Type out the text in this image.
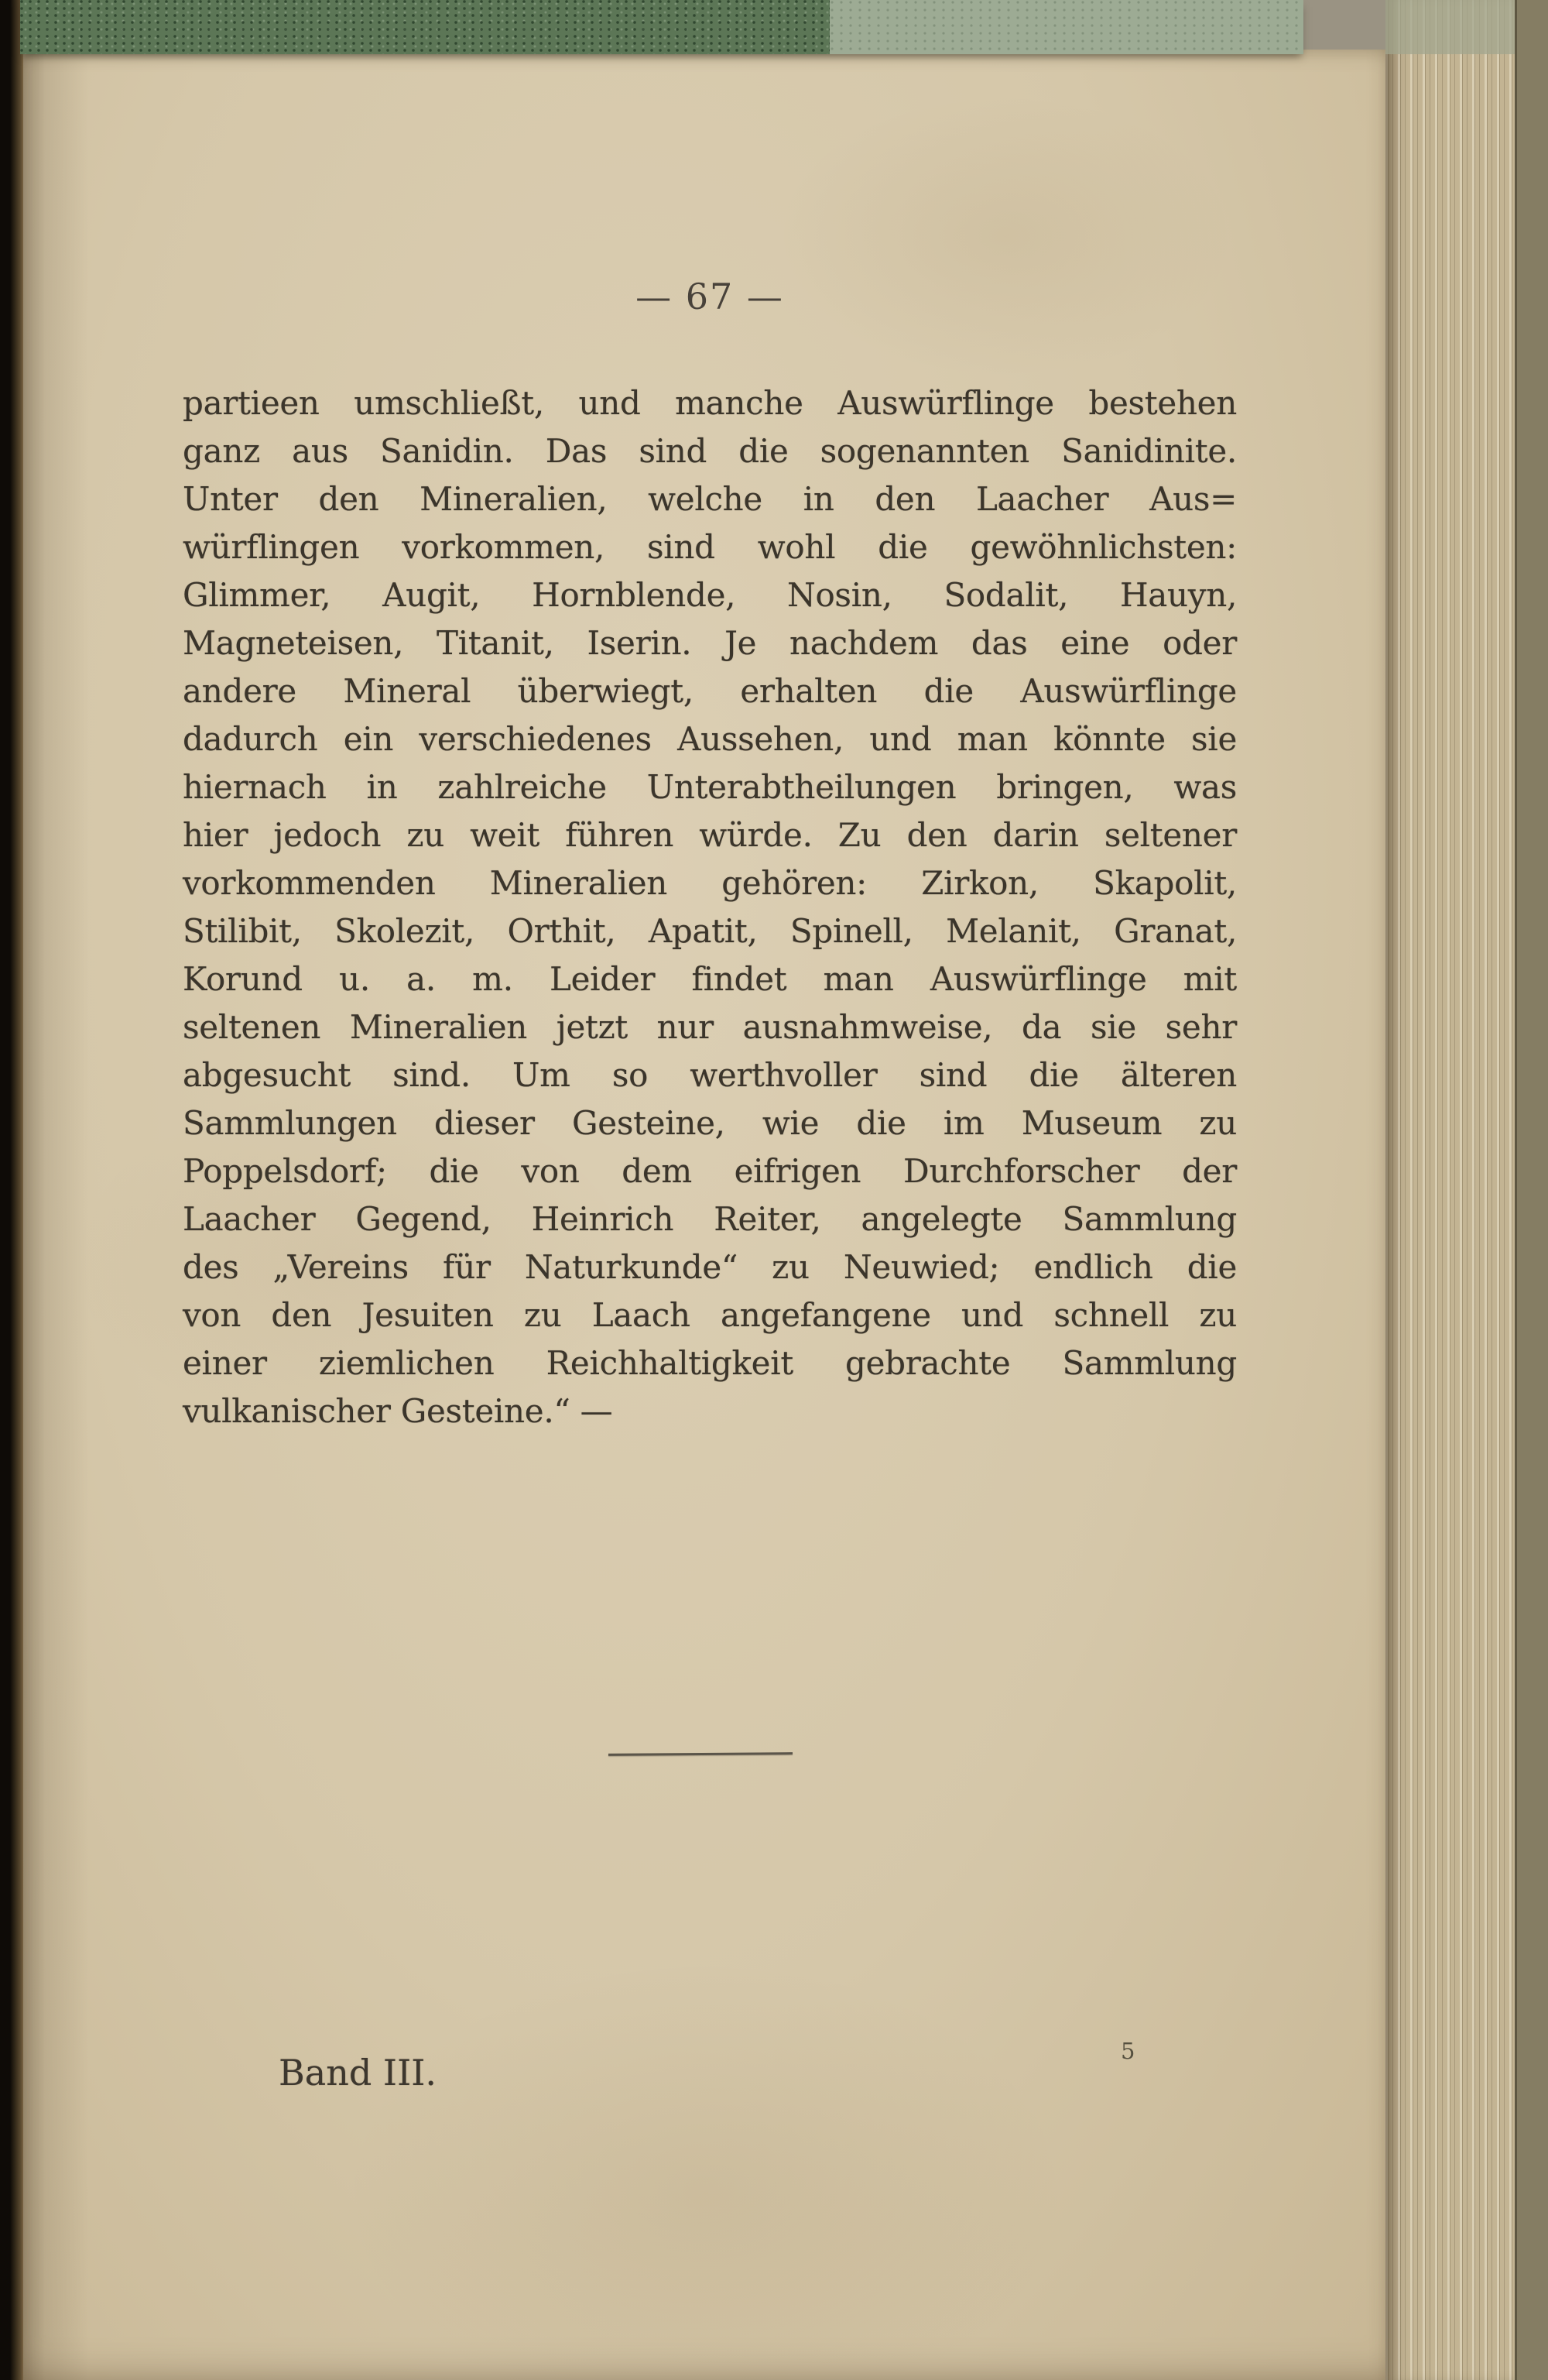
— 67 —
partieen umschließt, und manche Auswürflinge bestehen
ganz aus Sanidin. Das sind die sogenannten Sanidinite.
Unter den Mineralien, welche in den Laacher Aus=
würflingen vorkommen, sind wohl die gewöhnlichsten:
Glimmer, Augit, Hornblende, Nosin, Sodalit, Hauyn,
Magneteisen, Titanit, Iserin. Je nachdem das eine oder
andere Mineral überwiegt, erhalten die Auswürflinge
dadurch ein verschiedenes Aussehen, und man könnte sie
hiernach in zahlreiche Unterabtheilungen bringen, was
hier jedoch zu weit führen würde. Zu den darin seltener
vorkommenden Mineralien gehören: Zirkon, Skapolit,
Stilibit, Skolezit, Orthit, Apatit, Spinell, Melanit, Granat,
Korund u. a. m. Leider findet man Auswürflinge mit
seltenen Mineralien jetzt nur ausnahmweise, da sie sehr
abgesucht sind. Um so werthvoller sind die älteren
Sammlungen dieser Gesteine, wie die im Museum zu
Poppelsdorf; die von dem eifrigen Durchforscher der
Laacher Gegend, Heinrich Reiter, angelegte Sammlung
des „Vereins für Naturkunde“ zu Neuwied; endlich die
von den Jesuiten zu Laach angefangene und schnell zu
einer ziemlichen Reichhaltigkeit gebrachte Sammlung
vulkanischer Gesteine.“ —
Band III.
5
